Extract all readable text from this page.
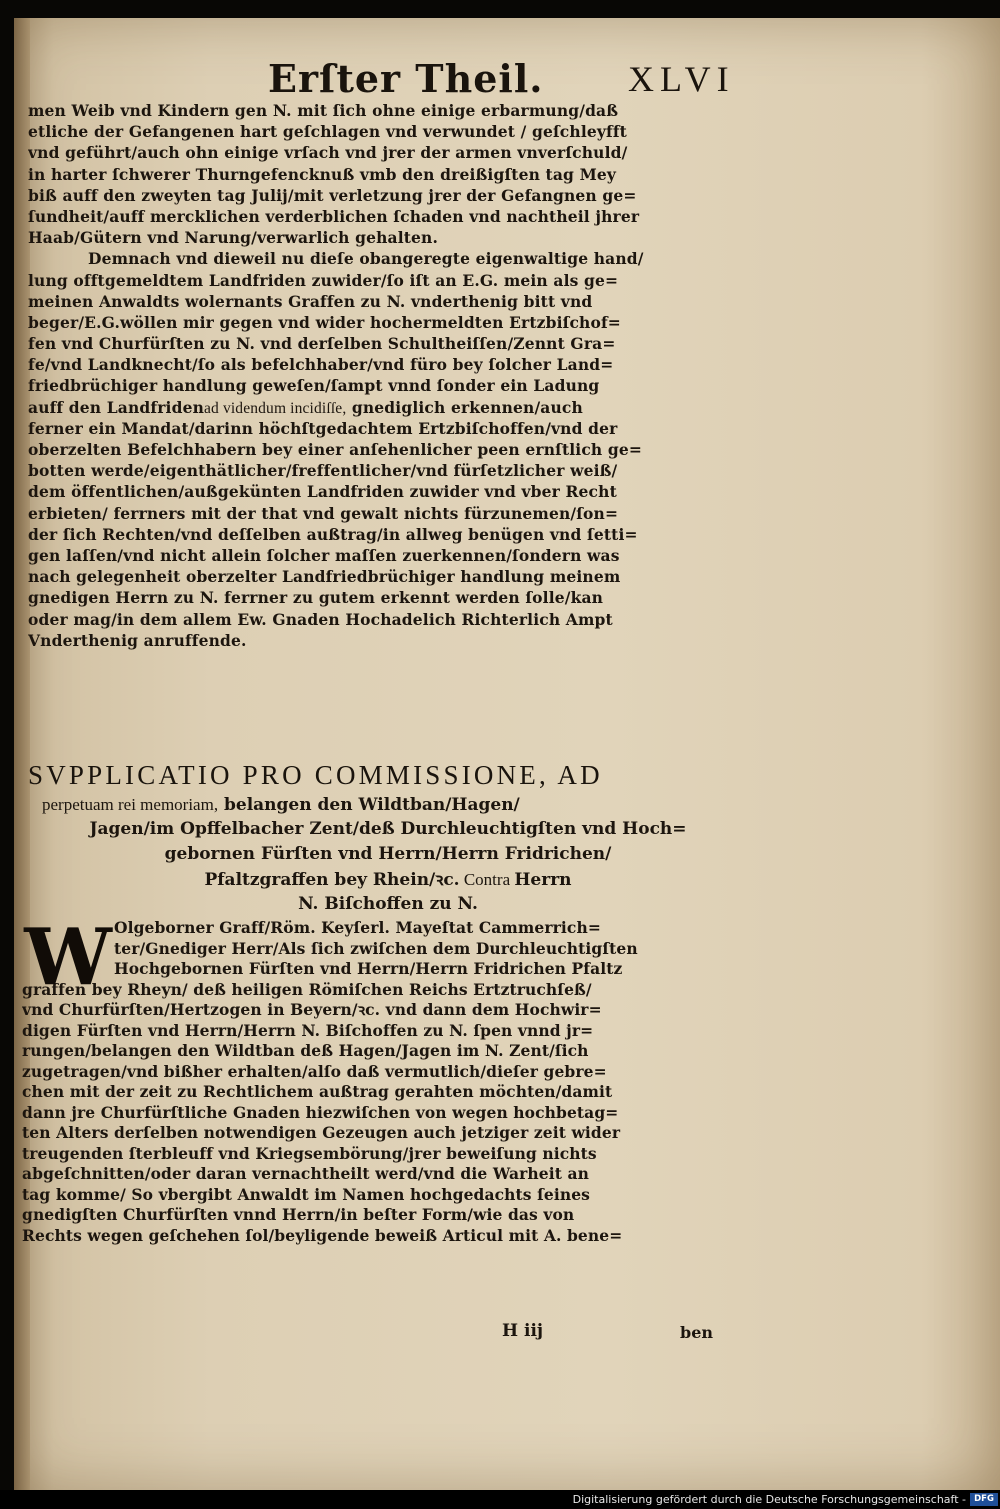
Erſter Theil. XLVI
men Weib vnd Kindern gen N. mit ſich ohne einige erbarmung/daß
etliche der Gefangenen hart geſchlagen vnd verwundet / geſchleyfft
vnd geführt/auch ohn einige vrſach vnd jrer der armen vnverſchuld/
in harter ſchwerer Thurngefencknuß vmb den dreißigſten tag Mey
biß auff den zweyten tag Julij/mit verletzung jrer der Gefangnen ge=
ſundheit/auff mercklichen verderblichen ſchaden vnd nachtheil jhrer
Haab/Gütern vnd Narung/verwarlich gehalten.
Demnach vnd dieweil nu dieſe obangeregte eigenwaltige hand/
lung offtgemeldtem Landfriden zuwider/ſo iſt an E.G. mein als ge=
meinen Anwaldts wolernants Graffen zu N. vnderthenig bitt vnd
beger/E.G.wöllen mir gegen vnd wider hochermeldten Ertzbiſchof=
fen vnd Churfürſten zu N. vnd derſelben Schultheiſſen/Zennt Gra=
fe/vnd Landknecht/ſo als befelchhaber/vnd füro bey ſolcher Land=
friedbrüchiger handlung geweſen/ſampt vnnd ſonder ein Ladung
auff den Landfridenad videndum incidiſſe, gnediglich erkennen/auch
ferner ein Mandat/darinn höchſtgedachtem Ertzbiſchoffen/vnd der
oberzelten Befelchhabern bey einer anſehenlicher peen ernſtlich ge=
botten werde/eigenthätlicher/freffentlicher/vnd fürſetzlicher weiß/
dem öffentlichen/außgekünten Landfriden zuwider vnd vber Recht
erbieten/ ferrners mit der that vnd gewalt nichts fürzunemen/ſon=
der ſich Rechten/vnd deſſelben außtrag/in allweg benügen vnd ſetti=
gen laſſen/vnd nicht allein ſolcher maſſen zuerkennen/ſondern was
nach gelegenheit oberzelter Landfriedbrüchiger handlung meinem
gnedigen Herrn zu N. ferrner zu gutem erkennt werden ſolle/kan
oder mag/in dem allem Ew. Gnaden Hochadelich Richterlich Ampt
Vnderthenig anruffende.
SVPPLICATIO PRO COMMISSIONE, AD
perpetuam rei memoriam, belangen den Wildtban/Hagen/
Jagen/im Opffelbacher Zent/deß Durchleuchtigſten vnd Hoch=
gebornen Fürſten vnd Herrn/Herrn Fridrichen/
Pfaltzgraffen bey Rhein/ꝛc. Contra Herrn
N. Biſchoffen zu N.
W Olgeborner Graff/Röm. Keyſerl. Mayeſtat Cammerrich=
ter/Gnediger Herr/Als ſich zwiſchen dem Durchleuchtigſten
Hochgebornen Fürſten vnd Herrn/Herrn Fridrichen Pfaltz
graffen bey Rheyn/ deß heiligen Römiſchen Reichs Ertztruchſeß/
vnd Churfürſten/Hertzogen in Beyern/ꝛc. vnd dann dem Hochwir=
digen Fürſten vnd Herrn/Herrn N. Biſchoffen zu N. ſpen vnnd jr=
rungen/belangen den Wildtban deß Hagen/Jagen im N. Zent/ſich
zugetragen/vnd bißher erhalten/alſo daß vermutlich/dieſer gebre=
chen mit der zeit zu Rechtlichem außtrag gerahten möchten/damit
dann jre Churfürſtliche Gnaden hiezwiſchen von wegen hochbetag=
ten Alters derſelben notwendigen Gezeugen auch jetziger zeit wider
treugenden ſterbleuff vnd Kriegsembörung/jrer beweiſung nichts
abgeſchnitten/oder daran vernachtheilt werd/vnd die Warheit an
tag komme/ So vbergibt Anwaldt im Namen hochgedachts ſeines
gnedigſten Churfürſten vnnd Herrn/in beſter Form/wie das von
Rechts wegen geſchehen ſol/beyligende beweiß Articul mit A. bene=
H iij	ben
Digitalisierung gefördert durch die Deutsche Forschungsgemeinschaft - DFG
